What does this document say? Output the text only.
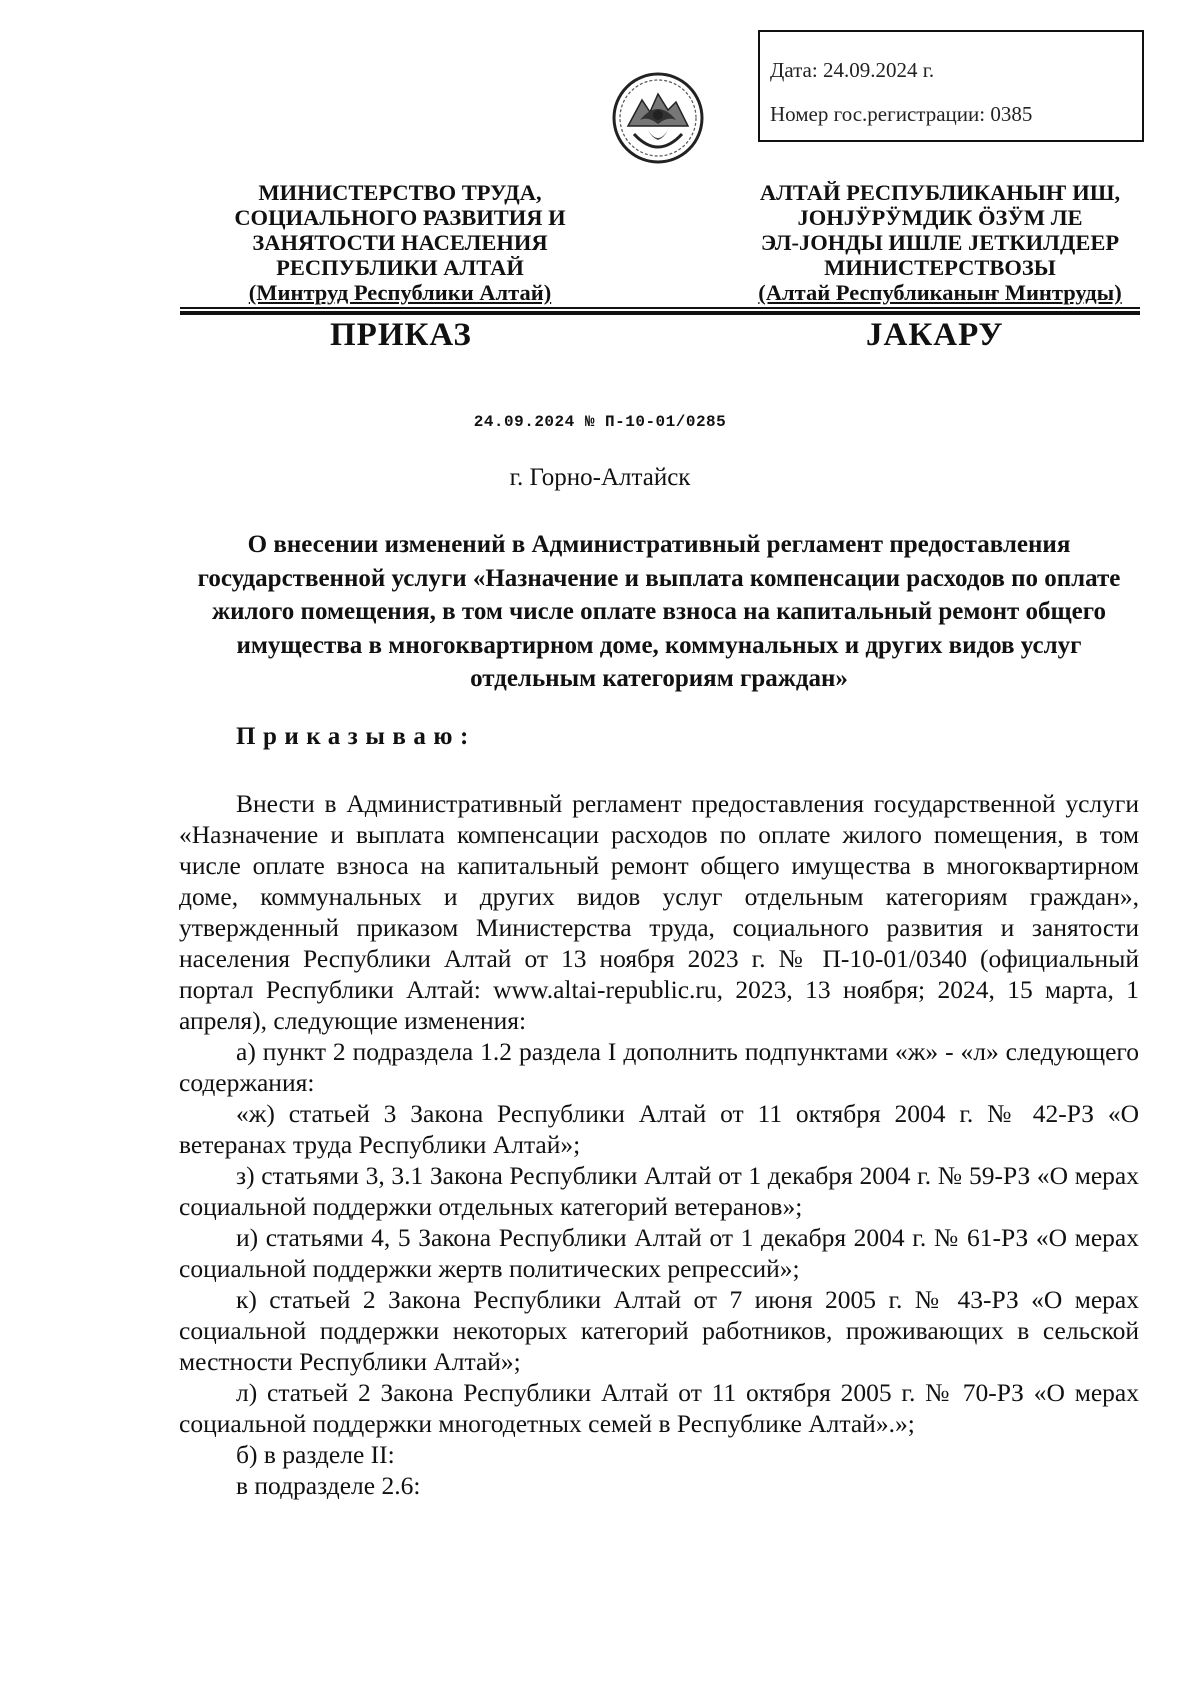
Дата: 24.09.2024 г.
Номер гос.регистрации: 0385
МИНИСТЕРСТВО ТРУДА,
СОЦИАЛЬНОГО РАЗВИТИЯ И
ЗАНЯТОСТИ НАСЕЛЕНИЯ
РЕСПУБЛИКИ АЛТАЙ
(Минтруд Республики Алтай)
АЛТАЙ РЕСПУБЛИКАНЫҤ ИШ,
JОНJӰРӰМДИК ӦЗӰМ ЛЕ
ЭЛ-JОНДЫ ИШЛЕ JЕТКИЛДЕЕР
МИНИСТЕРСТВОЗЫ
(Алтай Республиканыҥ Минтруды)
ПРИКАЗ	JАКАРУ
24.09.2024 № П-10-01/0285
г. Горно-Алтайск
О внесении изменений в Административный регламент предоставления государственной услуги «Назначение и выплата компенсации расходов по оплате жилого помещения, в том числе оплате взноса на капитальный ремонт общего имущества в многоквартирном доме, коммунальных и других видов услуг отдельным категориям граждан»
Приказываю:

Внести в Административный регламент предоставления государственной услуги «Назначение и выплата компенсации расходов по оплате жилого помещения, в том числе оплате взноса на капитальный ремонт общего имущества в многоквартирном доме, коммунальных и других видов услуг отдельным категориям граждан», утвержденный приказом Министерства труда, социального развития и занятости населения Республики Алтай от 13 ноября 2023 г. № П-10-01/0340 (официальный портал Республики Алтай: www.altai-republic.ru, 2023, 13 ноября; 2024, 15 марта, 1 апреля), следующие изменения:

а) пункт 2 подраздела 1.2 раздела I дополнить подпунктами «ж» - «л» следующего содержания:

«ж) статьей 3 Закона Республики Алтай от 11 октября 2004 г. № 42-РЗ «О ветеранах труда Республики Алтай»;

з) статьями 3, 3.1 Закона Республики Алтай от 1 декабря 2004 г. № 59-РЗ «О мерах социальной поддержки отдельных категорий ветеранов»;

и) статьями 4, 5 Закона Республики Алтай от 1 декабря 2004 г. № 61-РЗ «О мерах социальной поддержки жертв политических репрессий»;

к) статьей 2 Закона Республики Алтай от 7 июня 2005 г. № 43-РЗ «О мерах социальной поддержки некоторых категорий работников, проживающих в сельской местности Республики Алтай»;

л) статьей 2 Закона Республики Алтай от 11 октября 2005 г. № 70-РЗ «О мерах социальной поддержки многодетных семей в Республике Алтай».»;

б) в разделе II:

в подразделе 2.6:
